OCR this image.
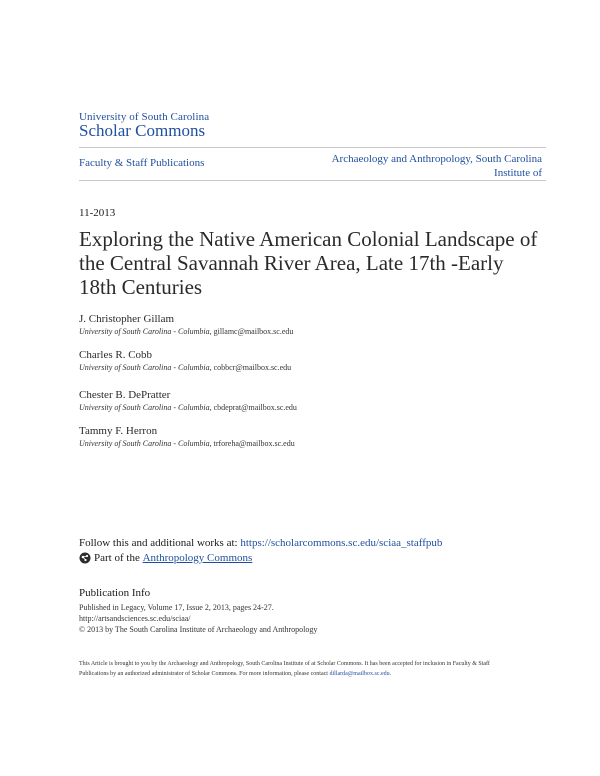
University of South Carolina
Scholar Commons
Faculty & Staff Publications	Archaeology and Anthropology, South Carolina Institute of
11-2013
Exploring the Native American Colonial Landscape of the Central Savannah River Area, Late 17th -Early 18th Centuries
J. Christopher Gillam
University of South Carolina - Columbia, gillamc@mailbox.sc.edu
Charles R. Cobb
University of South Carolina - Columbia, cobbcr@mailbox.sc.edu
Chester B. DePratter
University of South Carolina - Columbia, cbdeprat@mailbox.sc.edu
Tammy F. Herron
University of South Carolina - Columbia, trforeha@mailbox.sc.edu
Follow this and additional works at: https://scholarcommons.sc.edu/sciaa_staffpub
Part of the
Anthropology Commons
Publication Info
Published in Legacy, Volume 17, Issue 2, 2013, pages 24-27.
http://artsandsciences.sc.edu/sciaa/
© 2013 by The South Carolina Institute of Archaeology and Anthropology
This Article is brought to you by the Archaeology and Anthropology, South Carolina Institute of at Scholar Commons. It has been accepted for inclusion in Faculty & Staff Publications by an authorized administrator of Scholar Commons. For more information, please contact dillarda@mailbox.sc.edu.
